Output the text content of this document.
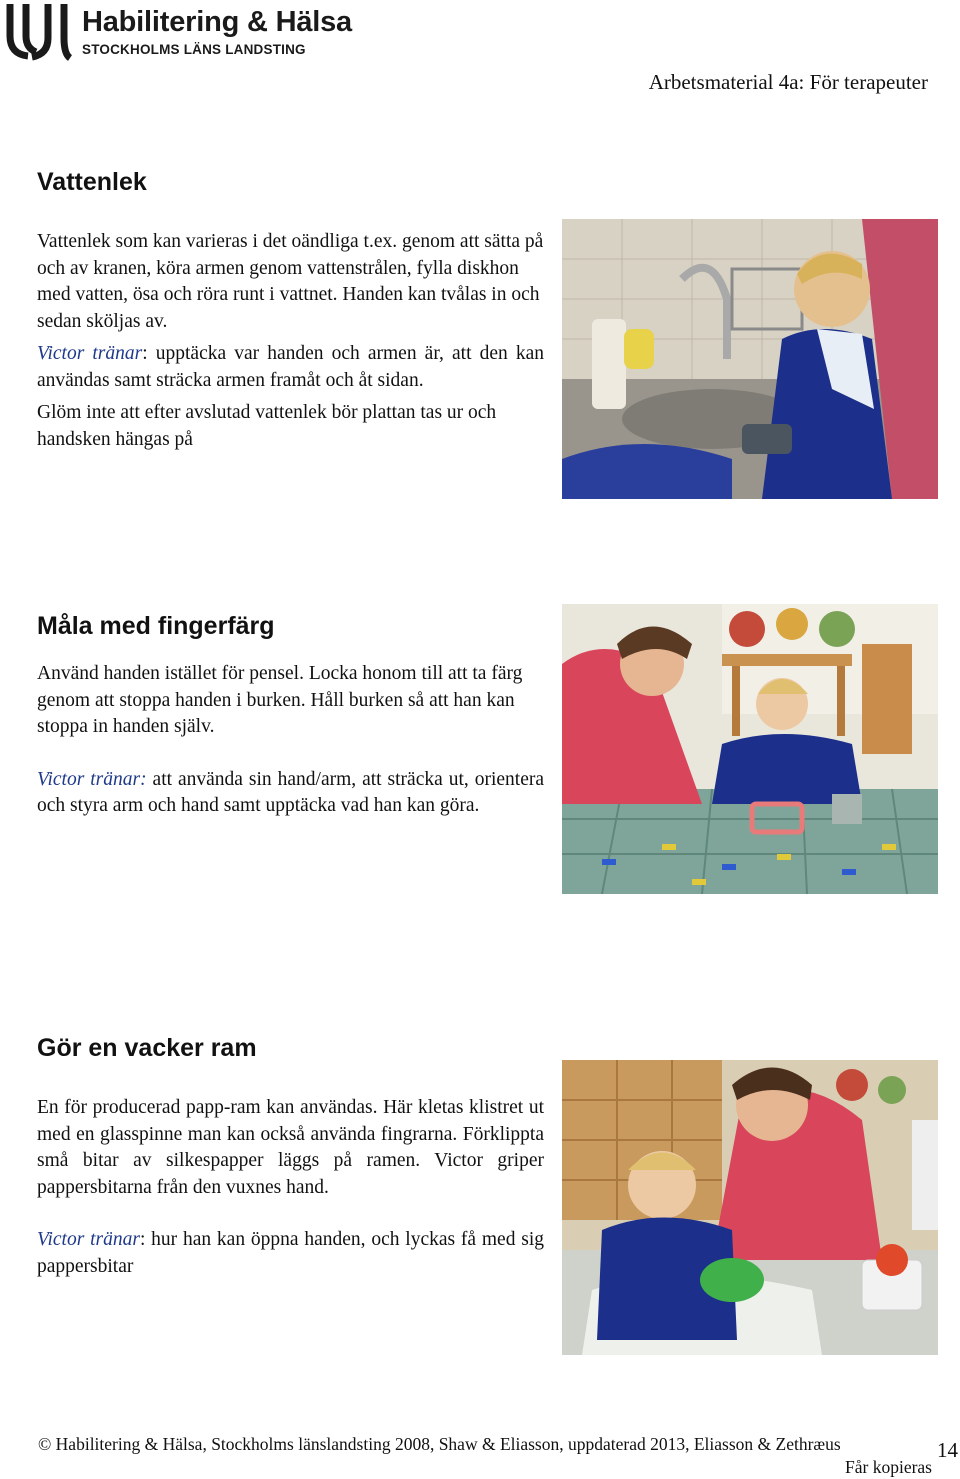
Habilitering & Hälsa
STOCKHOLMS LÄNS LANDSTING
Arbetsmaterial 4a: För terapeuter
Vattenlek

Vattenlek som kan varieras i det oändliga t.ex. genom att sätta på och av kranen, köra armen genom vattenstrålen, fylla diskhon med vatten, ösa och röra runt i vattnet. Handen kan tvålas in och sedan sköljas av.

Victor tränar: upptäcka var handen och armen är, att den kan användas samt sträcka armen framåt och åt sidan.

Glöm inte att efter avslutad vattenlek bör plattan tas ur och handsken hängas på

Måla med fingerfärg

Använd handen istället för pensel. Locka honom till att ta färg genom att stoppa handen i burken. Håll burken så att han kan stoppa in handen själv.

Victor tränar: att använda sin hand/arm, att sträcka ut, orientera och styra arm och hand samt upptäcka vad han kan göra.

Gör en vacker ram

En för producerad papp-ram kan användas. Här kletas klistret ut med en glasspinne man kan också använda fingrarna. Förklippta små bitar av silkespapper läggs på ramen. Victor griper pappersbitarna från den vuxnes hand.

Victor tränar: hur han kan öppna handen, och lyckas få med sig pappersbitar

© Habilitering & Hälsa, Stockholms länslandsting 2008, Shaw & Eliasson, uppdaterad 2013, Eliasson & Zethræus
Får kopieras
14
